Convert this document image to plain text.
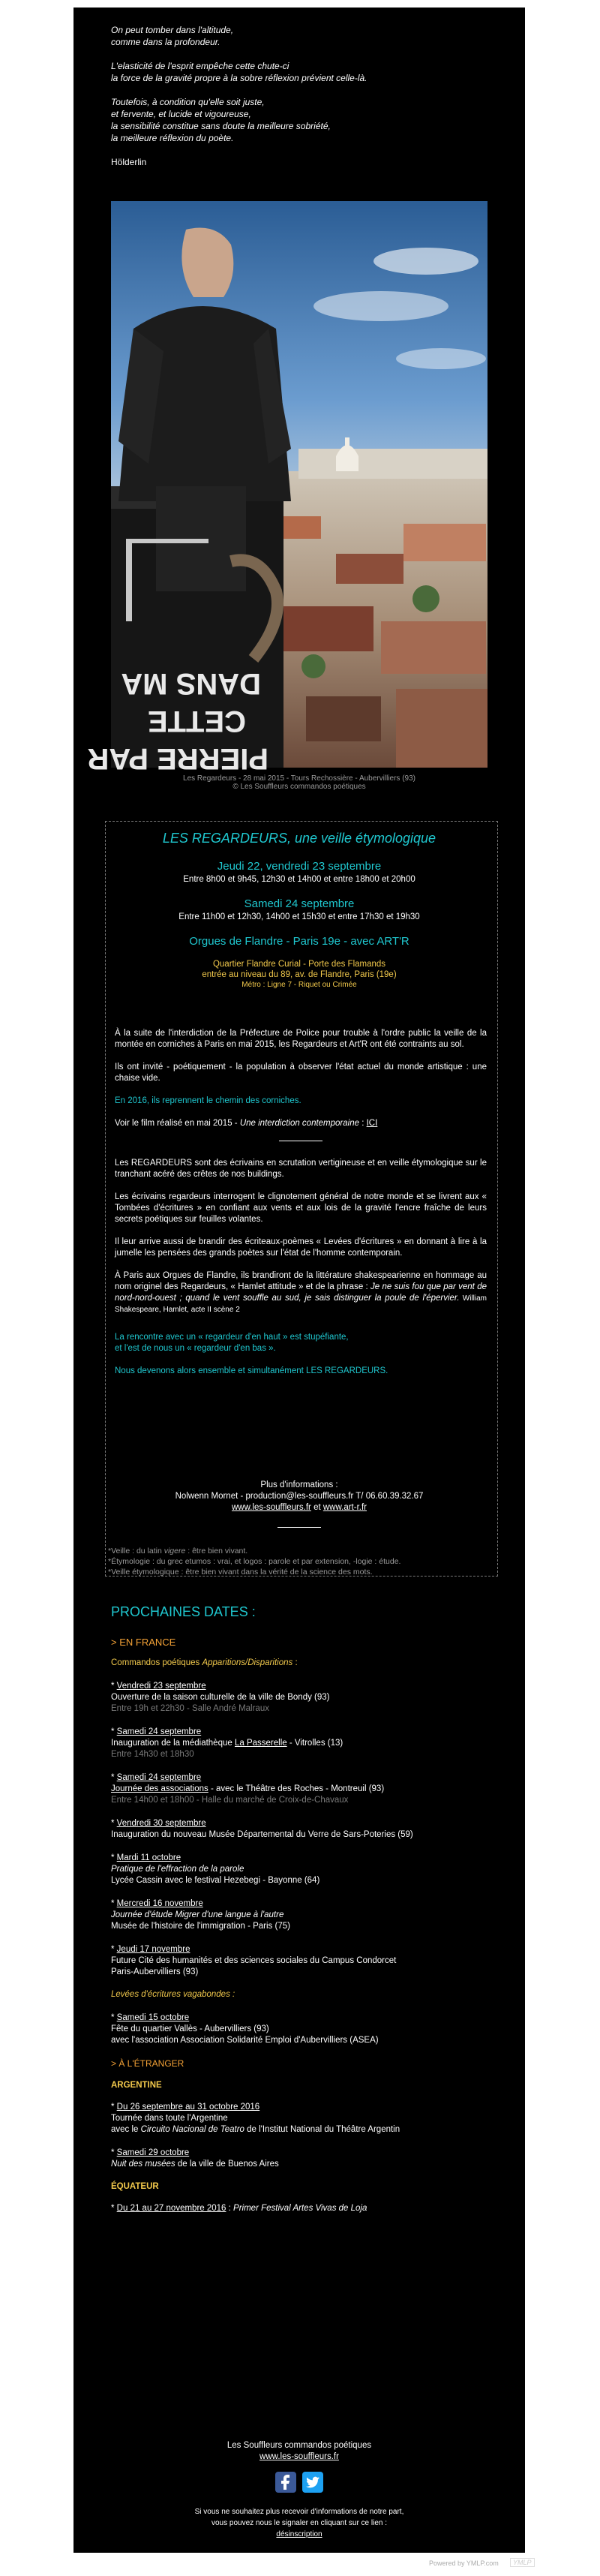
On peut tomber dans l'altitude,

comme dans la profondeur.

L'elasticité de l'esprit empêche cette chute-ci

la force de la gravité propre à la sobre réflexion prévient celle-là.

Toutefois, à condition qu'elle soit juste,

et fervente, et lucide et vigoureuse,

la sensibilité constitue sans doute la meilleure sobriété,

la meilleure réflexion du poète.

Hölderlin

PIERRE PAR
CETTE
DANS MA
Les Regardeurs - 28 mai 2015 - Tours Rechossière - Aubervilliers (93)
© Les Souffleurs commandos poétiques
LES REGARDEURS, une veille étymologique
Jeudi 22, vendredi 23 septembre
Entre 8h00 et 9h45, 12h30 et 14h00 et entre 18h00 et 20h00
Samedi 24 septembre
Entre 11h00 et 12h30, 14h00 et 15h30 et entre 17h30 et 19h30
Orgues de Flandre - Paris 19e - avec ART'R
Quartier Flandre Curial - Porte des Flamands
entrée au niveau du 89, av. de Flandre, Paris (19e)
Métro : Ligne 7 - Riquet ou Crimée

À la suite de l'interdiction de la Préfecture de Police pour trouble à l'ordre public la veille de la montée en corniches à Paris en mai 2015, les Regardeurs et Art'R ont été contraints au sol.

Ils ont invité - poétiquement - la population à observer l'état actuel du monde artistique : une chaise vide.

En 2016, ils reprennent le chemin des corniches.

Voir le film réalisé en mai 2015 - Une interdiction contemporaine : ICI

Les REGARDEURS sont des écrivains en scrutation vertigineuse et en veille étymologique sur le tranchant acéré des crêtes de nos buildings.

Les écrivains regardeurs interrogent le clignotement général de notre monde et se livrent aux « Tombées d'écritures » en confiant aux vents et aux lois de la gravité l'encre fraîche de leurs secrets poétiques sur feuilles volantes.

Il leur arrive aussi de brandir des écriteaux-poèmes « Levées d'écritures » en donnant à lire à la jumelle les pensées des grands poètes sur l'état de l'homme contemporain.

À Paris aux Orgues de Flandre, ils brandiront de la littérature shakespearienne en hommage au nom originel des Regardeurs, « Hamlet attitude » et de la phrase : Je ne suis fou que par vent de nord-nord-ouest ; quand le vent souffle au sud, je sais distinguer la poule de l'épervier. William Shakespeare, Hamlet, acte II scène 2

La rencontre avec un « regardeur d'en haut » est stupéfiante,

et l'est de nous un « regardeur d'en bas ».

Nous devenons alors ensemble et simultanément LES REGARDEURS.

Plus d'informations :
Nolwenn Mornet - production@les-souffleurs.fr T/ 06.60.39.32.67
www.les-souffleurs.fr et www.art-r.fr
*Veille : du latin vigere : être bien vivant.
*Étymologie : du grec etumos : vrai, et logos : parole et par extension, -logie : étude.
*Veille étymologique : être bien vivant dans la vérité de la science des mots.
PROCHAINES DATES :
> EN FRANCE
Commandos poétiques Apparitions/Disparitions :
* Vendredi 23 septembre
Ouverture de la saison culturelle de la ville de Bondy (93)
Entre 19h et 22h30 - Salle André Malraux
* Samedi 24 septembre
Inauguration de la médiathèque La Passerelle - Vitrolles (13)
Entre 14h30 et 18h30
* Samedi 24 septembre
Journée des associations - avec le Théâtre des Roches - Montreuil (93)
Entre 14h00 et 18h00 - Halle du marché de Croix-de-Chavaux
* Vendredi 30 septembre
Inauguration du nouveau Musée Départemental du Verre de Sars-Poteries (59)
* Mardi 11 octobre
Pratique de l'effraction de la parole
Lycée Cassin avec le festival Hezebegi - Bayonne (64)
* Mercredi 16 novembre
Journée d'étude Migrer d'une langue à l'autre
Musée de l'histoire de l'immigration - Paris (75)
* Jeudi 17 novembre
Future Cité des humanités et des sciences sociales du Campus Condorcet
Paris-Aubervilliers (93)
Levées d'écritures vagabondes :
* Samedi 15 octobre
Fête du quartier Vallès - Aubervilliers (93)
avec l'association Association Solidarité Emploi d'Aubervilliers (ASEA)
> À L'ÉTRANGER
ARGENTINE
* Du 26 septembre au 31 octobre 2016
Tournée dans toute l'Argentine
avec le Circuito Nacional de Teatro de l'Institut National du Théâtre Argentin
* Samedi 29 octobre
Nuit des musées de la ville de Buenos Aires
ÉQUATEUR
* Du 21 au 27 novembre 2016 : Primer Festival Artes Vivas de Loja
Les Souffleurs commandos poétiques
www.les-souffleurs.fr

Si vous ne souhaitez plus recevoir d'informations de notre part,
vous pouvez nous le signaler en cliquant sur ce lien :
désinscription
Powered by YMLP.com	YMLP
